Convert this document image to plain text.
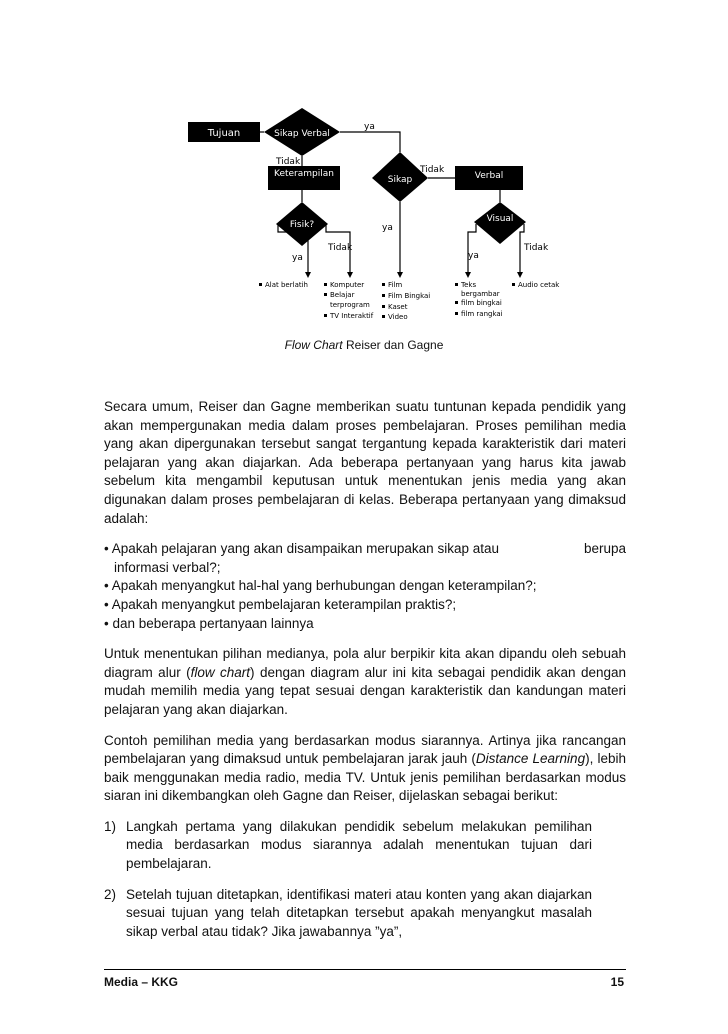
Tujuan	Sikap Verbal
Keterampilan
Sikap	Verbal
Fisik?
Visual
ya
Tidak
Tidak
ya
Tidak
ya	ya
Tidak
Alat berlatih	Komputer
Belajar
terprogram
TV Interaktif
Film
Film Bingkai
Kaset
Video
Teks
bergambar
film bingkai
film rangkai
Audio cetak
Flow Chart Reiser dan Gagne

Secara umum, Reiser dan Gagne memberikan suatu tuntunan kepada pendidik yang akan mempergunakan media dalam proses pembelajaran. Proses pemilihan media yang akan dipergunakan tersebut sangat tergantung kepada karakteristik dari materi pelajaran yang akan diajarkan. Ada beberapa pertanyaan yang harus kita jawab sebelum kita mengambil keputusan untuk menentukan jenis media yang akan digunakan dalam proses pembelajaran di kelas. Beberapa pertanyaan yang dimaksud adalah:

• Apakah pelajaran yang akan disampaikan merupakan sikap atau	berupa
informasi verbal?;
• Apakah menyangkut hal-hal yang berhubungan dengan keterampilan?;
• Apakah menyangkut pembelajaran keterampilan praktis?;
• dan beberapa pertanyaan lainnya

Untuk menentukan pilihan medianya, pola alur berpikir kita akan dipandu oleh sebuah diagram alur (flow chart) dengan diagram alur ini kita sebagai pendidik akan dengan mudah memilih media yang tepat sesuai dengan karakteristik dan kandungan materi pelajaran yang akan diajarkan.

Contoh pemilihan media yang berdasarkan modus siarannya. Artinya jika rancangan pembelajaran yang dimaksud untuk pembelajaran jarak jauh (Distance Learning), lebih baik menggunakan media radio, media TV. Untuk jenis pemilihan berdasarkan modus siaran ini dikembangkan oleh Gagne dan Reiser, dijelaskan sebagai berikut:

1) Langkah pertama yang dilakukan pendidik sebelum melakukan pemilihan media berdasarkan modus siarannya adalah menentukan tujuan dari pembelajaran.
2) Setelah tujuan ditetapkan, identifikasi materi atau konten yang akan diajarkan sesuai tujuan yang telah ditetapkan tersebut apakah menyangkut masalah sikap verbal atau tidak? Jika jawabannya ”ya”,
Media – KKG	15
